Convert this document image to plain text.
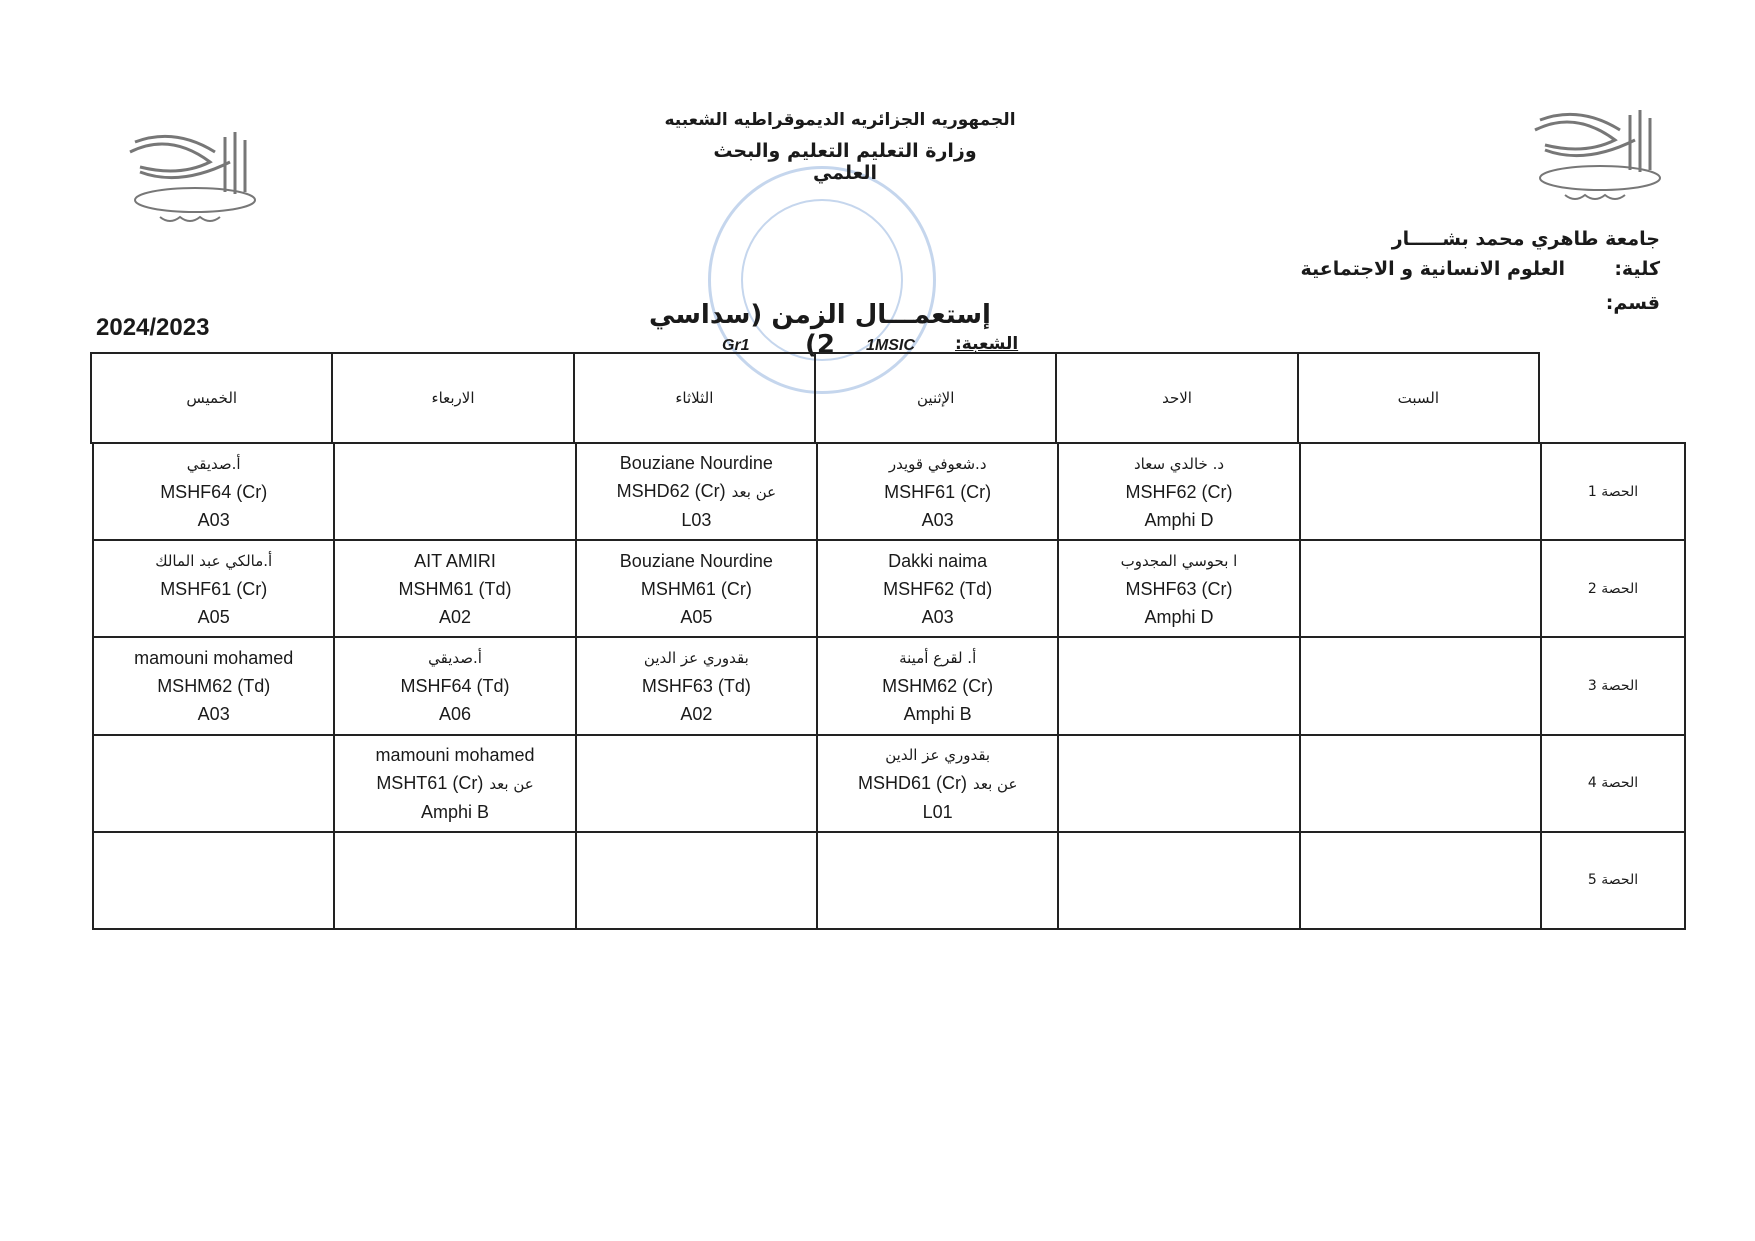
الجمهوريه الجزائريه الديموقراطيه الشعبيه
وزارة التعليم التعليم والبحث العلمي
جامعة طاهري محمد بشـــــار
كلية:
العلوم الانسانية و الاجتماعية
قسم:
إستعمـــال الزمن (سداسي 2)
2024/2023
الشعبة:
1MSIC
Gr1
السبت
الاحد
الإثنين
الثلاثاء
الاربعاء
الخميس
الحصة 1
د. خالدي سعاد
MSHF62 (Cr)
Amphi D
د.شعوفي قويدر
MSHF61 (Cr)
A03
Bouziane Nourdine
MSHD62 (Cr) عن بعد
L03
أ.صديقي
MSHF64 (Cr)
A03
الحصة 2
ا بحوسي المجدوب
MSHF63 (Cr)
Amphi D
Dakki naima
MSHF62 (Td)
A03
Bouziane Nourdine
MSHM61 (Cr)
A05
AIT AMIRI
MSHM61 (Td)
A02
أ.مالكي عبد المالك
MSHF61 (Cr)
A05
الحصة 3
أ. لقرع أمينة
MSHM62 (Cr)
Amphi B
بقدوري عز الدين
MSHF63 (Td)
A02
أ.صديقي
MSHF64 (Td)
A06
mamouni mohamed
MSHM62 (Td)
A03
الحصة 4
بقدوري عز الدين
MSHD61 (Cr) عن بعد
L01
mamouni mohamed
MSHT61 (Cr) عن بعد
Amphi B
الحصة 5
